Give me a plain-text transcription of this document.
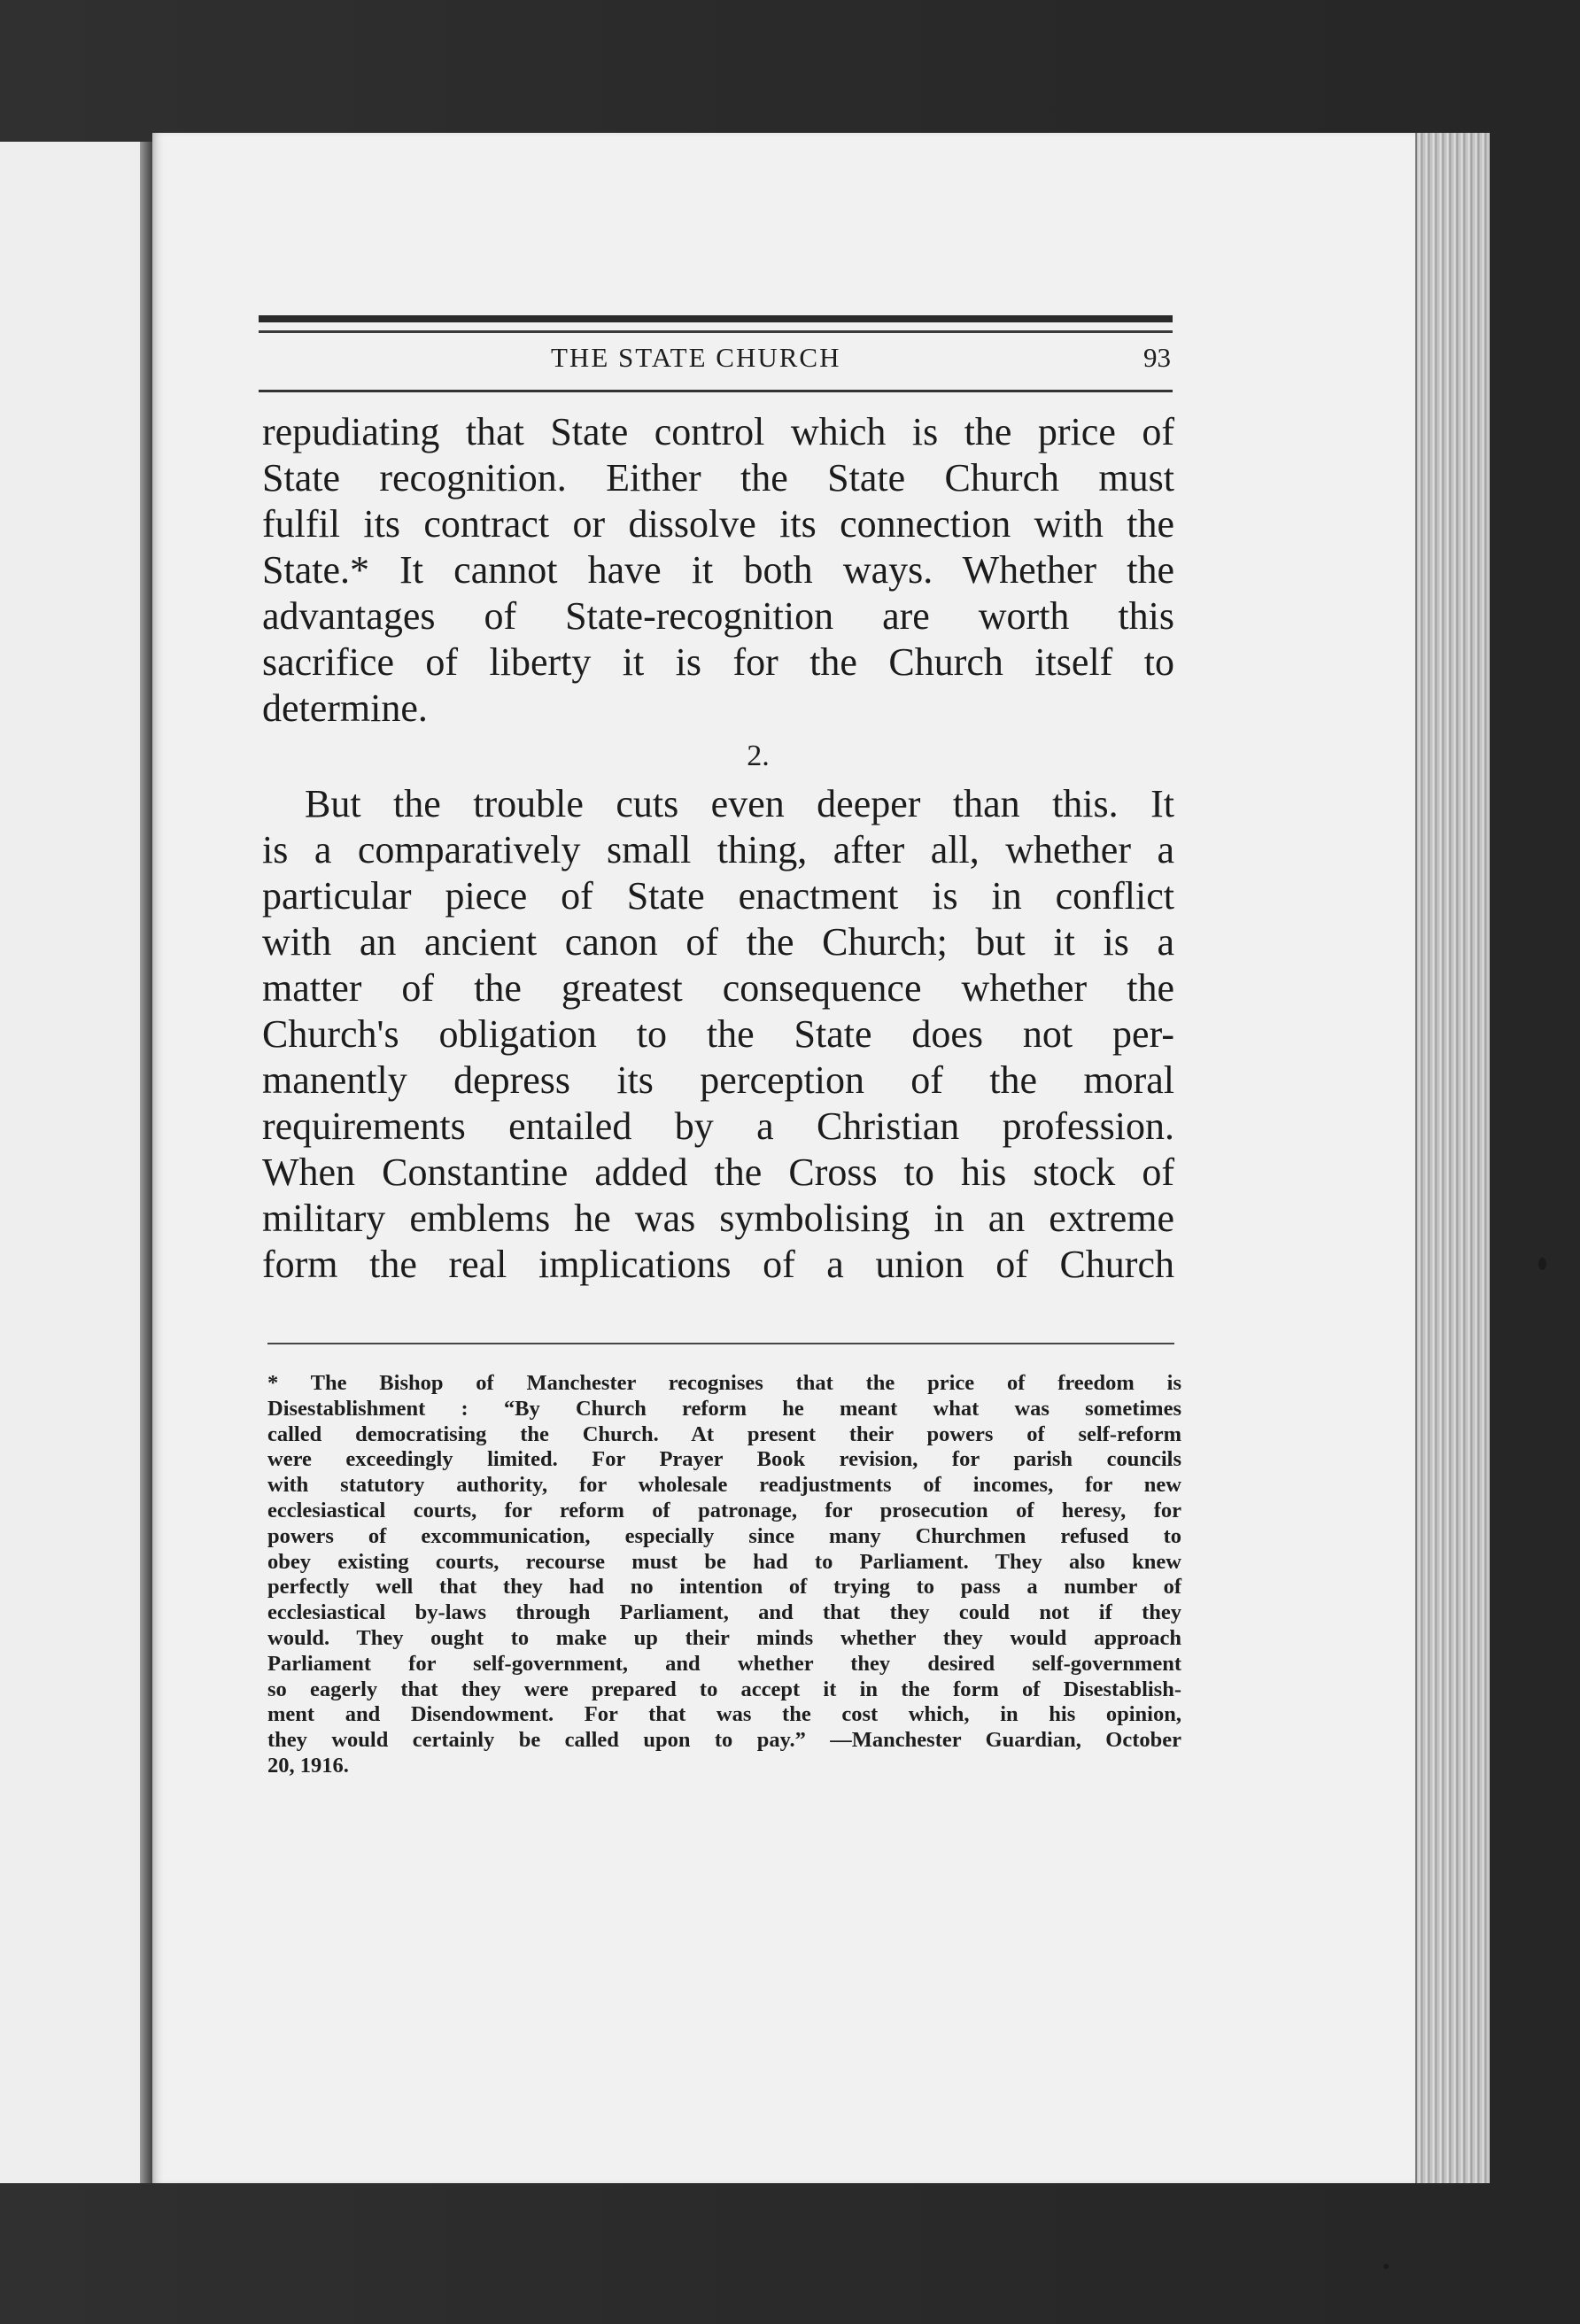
THE STATE CHURCH	93
repudiating that State control which is the price of
State recognition. Either the State Church must
fulfil its contract or dissolve its connection with the
State.* It cannot have it both ways. Whether the
advantages of State-recognition are worth this
sacrifice of liberty it is for the Church itself to
determine.
2.
But the trouble cuts even deeper than this. It
is a comparatively small thing, after all, whether a
particular piece of State enactment is in conflict
with an ancient canon of the Church; but it is a
matter of the greatest consequence whether the
Church's obligation to the State does not per-
manently depress its perception of the moral
requirements entailed by a Christian profession.
When Constantine added the Cross to his stock of
military emblems he was symbolising in an extreme
form the real implications of a union of Church
* The Bishop of Manchester recognises that the price of freedom is
Disestablishment : “By Church reform he meant what was sometimes
called democratising the Church. At present their powers of self-reform
were exceedingly limited. For Prayer Book revision, for parish councils
with statutory authority, for wholesale readjustments of incomes, for new
ecclesiastical courts, for reform of patronage, for prosecution of heresy, for
powers of excommunication, especially since many Churchmen refused to
obey existing courts, recourse must be had to Parliament. They also knew
perfectly well that they had no intention of trying to pass a number of
ecclesiastical by-laws through Parliament, and that they could not if they
would. They ought to make up their minds whether they would approach
Parliament for self-government, and whether they desired self-government
so eagerly that they were prepared to accept it in the form of Disestablish-
ment and Disendowment. For that was the cost which, in his opinion,
they would certainly be called upon to pay.” —Manchester Guardian, October
20, 1916.
